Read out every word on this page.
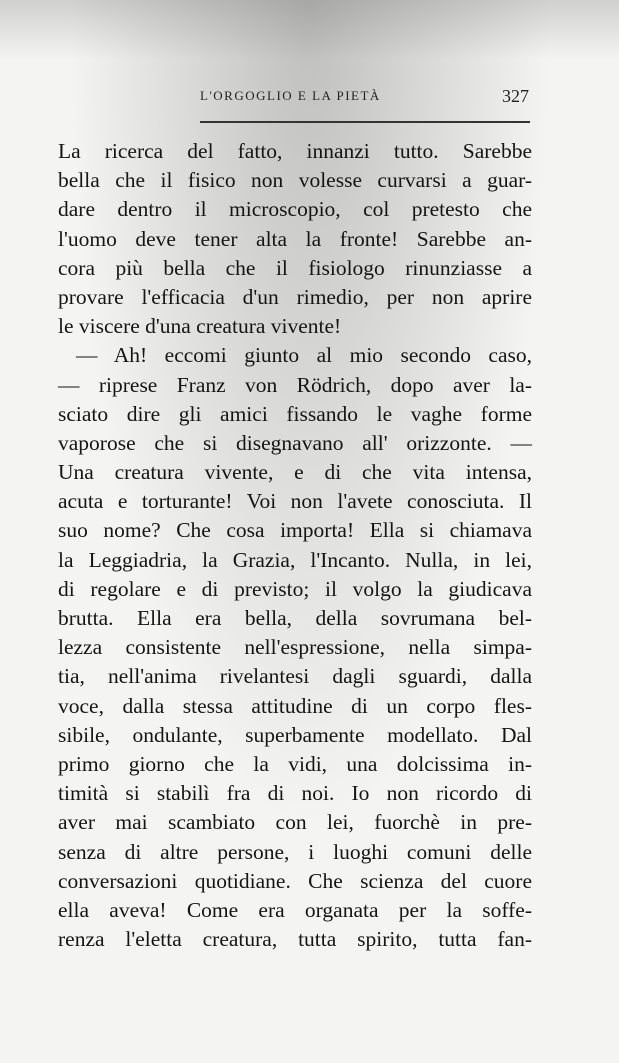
L'ORGOGLIO E LA PIETÀ	327
La ricerca del fatto, innanzi tutto. Sarebbe
bella che il fisico non volesse curvarsi a guar-
dare dentro il microscopio, col pretesto che
l'uomo deve tener alta la fronte! Sarebbe an-
cora più bella che il fisiologo rinunziasse a
provare l'efficacia d'un rimedio, per non aprire
le viscere d'una creatura vivente!
— Ah! eccomi giunto al mio secondo caso,
— riprese Franz von Rödrich, dopo aver la-
sciato dire gli amici fissando le vaghe forme
vaporose che si disegnavano all' orizzonte. —
Una creatura vivente, e di che vita intensa,
acuta e torturante! Voi non l'avete conosciuta. Il
suo nome? Che cosa importa! Ella si chiamava
la Leggiadria, la Grazia, l'Incanto. Nulla, in lei,
di regolare e di previsto; il volgo la giudicava
brutta. Ella era bella, della sovrumana bel-
lezza consistente nell'espressione, nella simpa-
tia, nell'anima rivelantesi dagli sguardi, dalla
voce, dalla stessa attitudine di un corpo fles-
sibile, ondulante, superbamente modellato. Dal
primo giorno che la vidi, una dolcissima in-
timità si stabilì fra di noi. Io non ricordo di
aver mai scambiato con lei, fuorchè in pre-
senza di altre persone, i luoghi comuni delle
conversazioni quotidiane. Che scienza del cuore
ella aveva! Come era organata per la soffe-
renza l'eletta creatura, tutta spirito, tutta fan-
